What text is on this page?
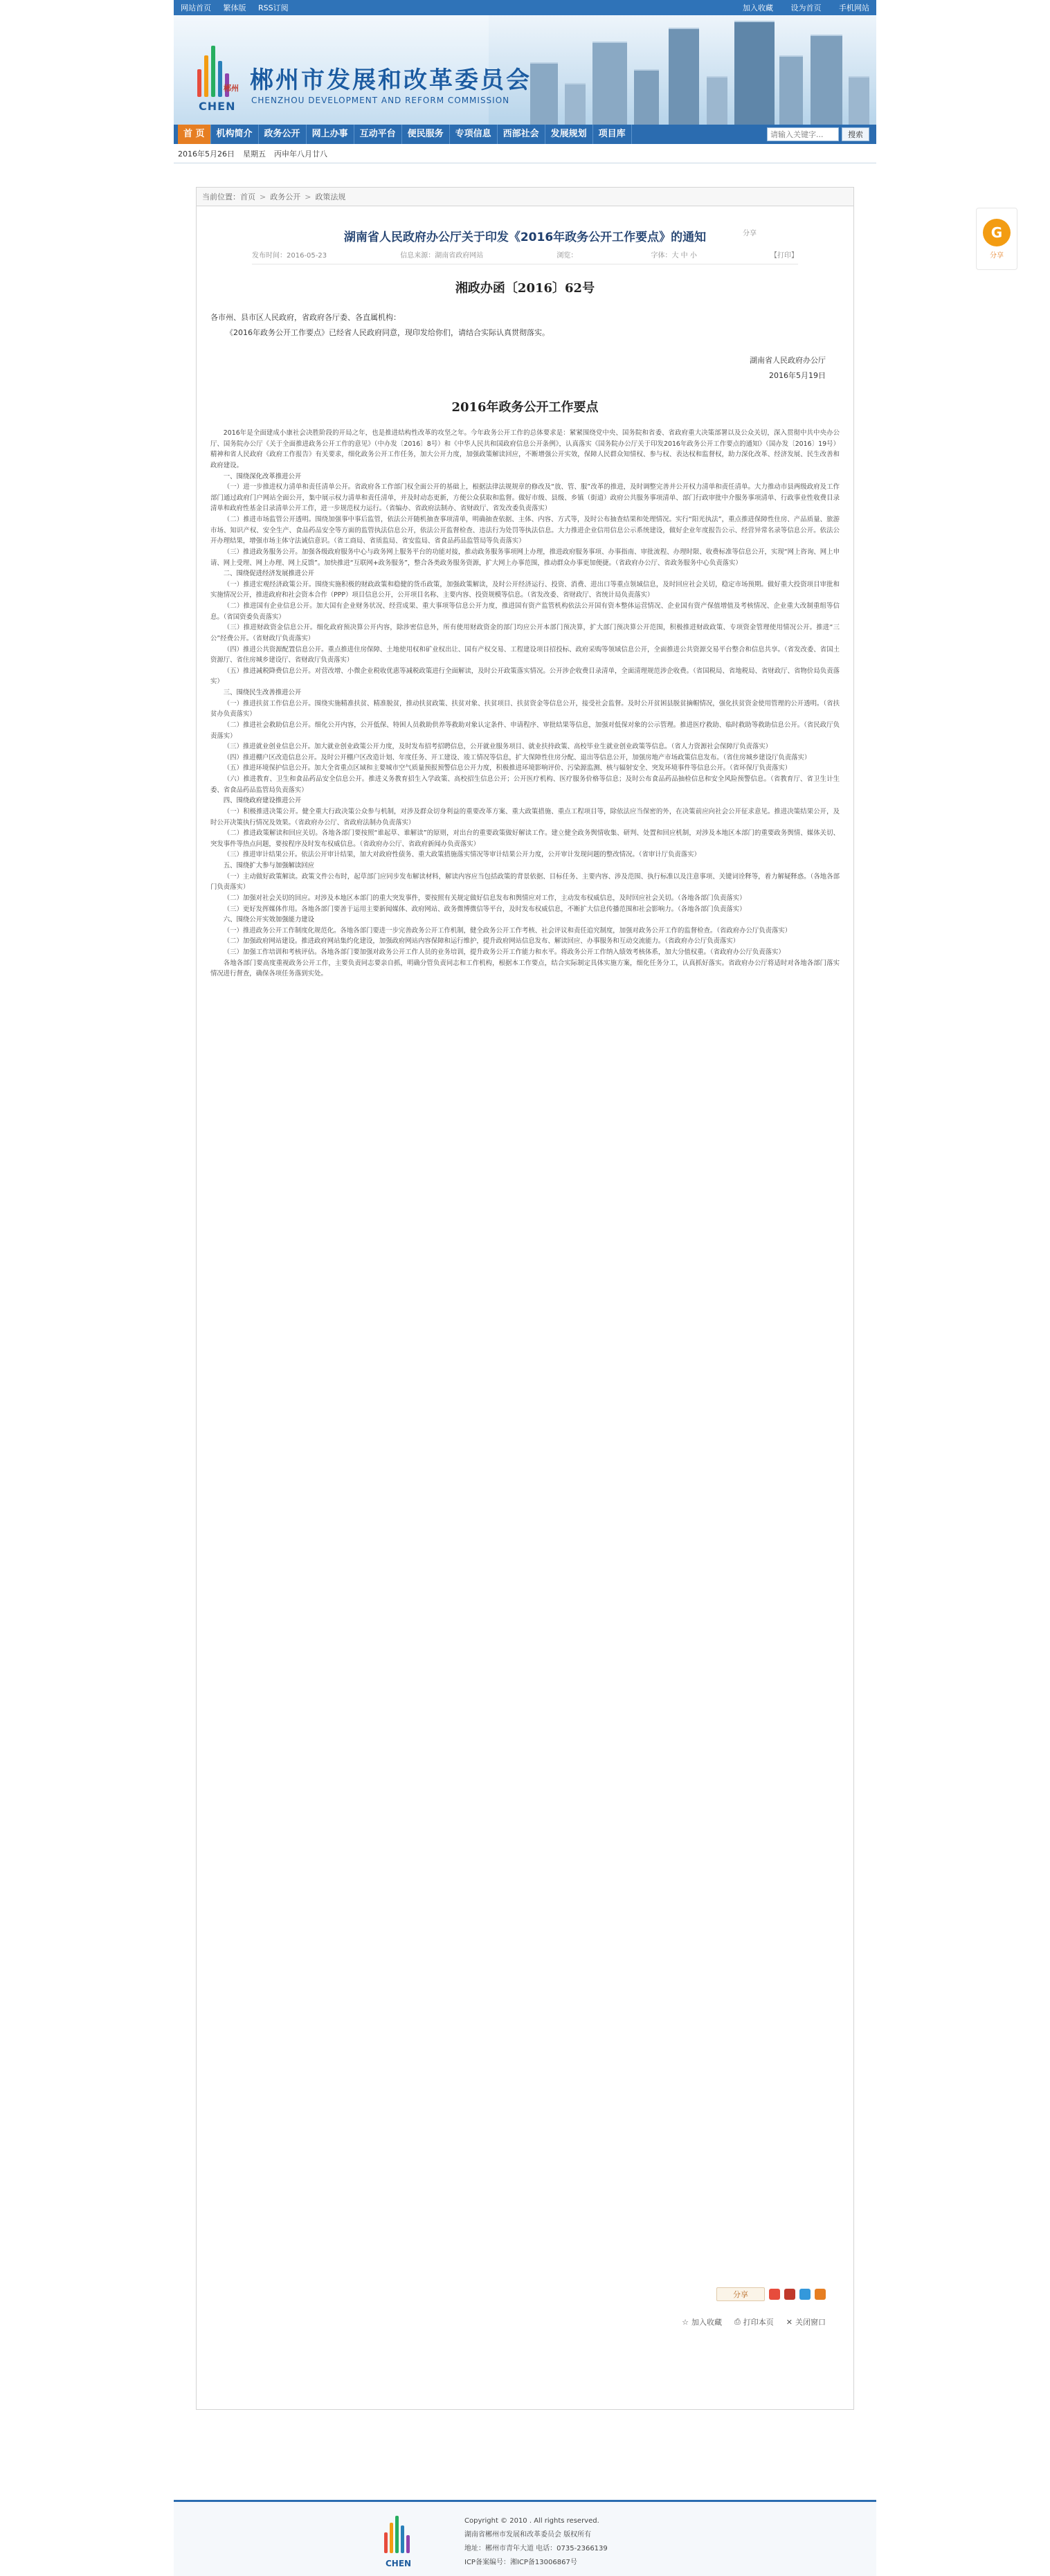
网站首页 繁体版 RSS订阅	加入收藏 设为首页 手机网站
郴州
CHEN
郴州市发展和改革委员会
CHENZHOU DEVELOPMENT AND REFORM COMMISSION
首 页	机构简介	政务公开	网上办事	互动平台	便民服务	专项信息	西部社会	发展规划	项目库
请输入关键字...	搜索
2016年5月26日 星期五 丙申年八月廿八
当前位置： 首页 > 政务公开 > 政策法规
湖南省人民政府办公厅关于印发《2016年政务公开工作要点》的通知	分享
发布时间：2016-05-23	信息来源：湖南省政府网站	浏览：	字体：大 中 小	【打印】
湘政办函〔2016〕62号
各市州、县市区人民政府，省政府各厅委、各直属机构：
《2016年政务公开工作要点》已经省人民政府同意，现印发给你们，请结合实际认真贯彻落实。
湖南省人民政府办公厅
2016年5月19日
2016年政务公开工作要点

2016年是全面建成小康社会决胜阶段的开局之年，也是推进结构性改革的攻坚之年。今年政务公开工作的总体要求是：紧紧围绕党中央、国务院和省委、省政府重大决策部署以及公众关切，深入贯彻中共中央办公厅、国务院办公厅《关于全面推进政务公开工作的意见》（中办发〔2016〕8号）和《中华人民共和国政府信息公开条例》，认真落实《国务院办公厅关于印发2016年政务公开工作要点的通知》（国办发〔2016〕19号）精神和省人民政府《政府工作报告》有关要求，细化政务公开工作任务，加大公开力度，加强政策解读回应，不断增强公开实效，保障人民群众知情权、参与权、表达权和监督权，助力深化改革、经济发展、民生改善和政府建设。

一、围绕深化改革推进公开

（一）进一步推进权力清单和责任清单公开。省政府各工作部门权全面公开的基础上，根据法律法规规章的修改及“放、管、服”改革的推进，及时调整完善并公开权力清单和责任清单。大力推动市县两级政府及工作部门通过政府门户网站全面公开，集中展示权力清单和责任清单，并及时动态更新，方便公众获取和监督。做好市级、县级、乡镇（街道）政府公共服务事项清单、部门行政审批中介服务事项清单、行政事业性收费目录清单和政府性基金目录清单公开工作，进一步规范权力运行。（省编办、省政府法制办、省财政厅、省发改委负责落实）

（二）推进市场监管公开透明。围绕加强事中事后监管，依法公开随机抽查事项清单，明确抽查依据、主体、内容、方式等，及时公布抽查结果和处理情况。实行“阳光执法”，重点推进保障性住房、产品质量、旅游市场、知识产权、安全生产、食品药品安全等方面的监管执法信息公开，依法公开监督检查、违法行为处罚等执法信息。大力推进企业信用信息公示系统建设，做好企业年度报告公示、经营异常名录等信息公开。依法公开办理结果，增强市场主体守法诚信意识。（省工商局、省质监局、省安监局、省食品药品监管局等负责落实）

（三）推进政务服务公开。加强各级政府服务中心与政务网上服务平台的功能对接，推动政务服务事项网上办理，推进政府服务事项、办事指南、审批流程、办理时限、收费标准等信息公开，实现“网上咨询、网上申请、网上受理、网上办理、网上反馈”。加快推进“互联网+政务服务”，整合各类政务服务资源，扩大网上办事范围，推动群众办事更加便捷。（省政府办公厅、省政务服务中心负责落实）

二、围绕促进经济发展推进公开

（一）推进宏观经济政策公开。围绕实施积极的财政政策和稳健的货币政策，加强政策解读，及时公开经济运行、投资、消费、进出口等重点领域信息，及时回应社会关切，稳定市场预期。做好重大投资项目审批和实施情况公开，推进政府和社会资本合作（PPP）项目信息公开，公开项目名称、主要内容、投资规模等信息。（省发改委、省财政厅、省统计局负责落实）

（二）推进国有企业信息公开。加大国有企业财务状况、经营成果、重大事项等信息公开力度，推进国有资产监管机构依法公开国有资本整体运营情况、企业国有资产保值增值及考核情况、企业重大改制重组等信息。（省国资委负责落实）

（三）推进财政资金信息公开。细化政府预决算公开内容，除涉密信息外，所有使用财政资金的部门均应公开本部门预决算，扩大部门预决算公开范围，积极推进财政政策、专项资金管理使用情况公开。推进“三公”经费公开。（省财政厅负责落实）

（四）推进公共资源配置信息公开。重点推进住房保障、土地使用权和矿业权出让、国有产权交易、工程建设项目招投标、政府采购等领域信息公开，全面推进公共资源交易平台整合和信息共享。（省发改委、省国土资源厅、省住房城乡建设厅、省财政厅负责落实）

（五）推进减税降费信息公开。对营改增、小微企业税收优惠等减税政策进行全面解读，及时公开政策落实情况。公开涉企收费目录清单，全面清理规范涉企收费。（省国税局、省地税局、省财政厅、省物价局负责落实）

三、围绕民生改善推进公开

（一）推进扶贫工作信息公开。围绕实施精准扶贫、精准脱贫，推动扶贫政策、扶贫对象、扶贫项目、扶贫资金等信息公开，接受社会监督。及时公开贫困县脱贫摘帽情况，强化扶贫资金使用管理的公开透明。（省扶贫办负责落实）

（二）推进社会救助信息公开。细化公开内容，公开低保、特困人员救助供养等救助对象认定条件、申请程序、审批结果等信息，加强对低保对象的公示管理。推进医疗救助、临时救助等救助信息公开。（省民政厅负责落实）

（三）推进就业创业信息公开。加大就业创业政策公开力度，及时发布招考招聘信息，公开就业服务项目、就业扶持政策、高校毕业生就业创业政策等信息。（省人力资源社会保障厅负责落实）

（四）推进棚户区改造信息公开。及时公开棚户区改造计划、年度任务、开工建设、竣工情况等信息，扩大保障性住房分配、退出等信息公开，加强房地产市场政策信息发布。（省住房城乡建设厅负责落实）

（五）推进环境保护信息公开。加大全省重点区域和主要城市空气质量预报预警信息公开力度，积极推进环境影响评价、污染源监测、核与辐射安全、突发环境事件等信息公开。（省环保厅负责落实）

（六）推进教育、卫生和食品药品安全信息公开。推进义务教育招生入学政策、高校招生信息公开；公开医疗机构、医疗服务价格等信息；及时公布食品药品抽检信息和安全风险预警信息。（省教育厅、省卫生计生委、省食品药品监管局负责落实）

四、围绕政府建设推进公开

（一）积极推进决策公开。健全重大行政决策公众参与机制，对涉及群众切身利益的重要改革方案、重大政策措施、重点工程项目等，除依法应当保密的外，在决策前应向社会公开征求意见。推进决策结果公开，及时公开决策执行情况及效果。（省政府办公厅、省政府法制办负责落实）

（二）推进政策解读和回应关切。各地各部门要按照“谁起草、谁解读”的原则，对出台的重要政策做好解读工作。建立健全政务舆情收集、研判、处置和回应机制，对涉及本地区本部门的重要政务舆情、媒体关切、突发事件等热点问题，要按程序及时发布权威信息。（省政府办公厅、省政府新闻办负责落实）

（三）推进审计结果公开。依法公开审计结果，加大对政府性债务、重大政策措施落实情况等审计结果公开力度，公开审计发现问题的整改情况。（省审计厅负责落实）

五、围绕扩大参与加强解读回应

（一）主动做好政策解读。政策文件公布时，起草部门应同步发布解读材料，解读内容应当包括政策的背景依据、目标任务、主要内容、涉及范围、执行标准以及注意事项、关键词诠释等，着力解疑释惑。（各地各部门负责落实）

（二）加强对社会关切的回应。对涉及本地区本部门的重大突发事件，要按照有关规定做好信息发布和舆情应对工作，主动发布权威信息，及时回应社会关切。（各地各部门负责落实）

（三）更好发挥媒体作用。各地各部门要善于运用主要新闻媒体、政府网站、政务微博微信等平台，及时发布权威信息，不断扩大信息传播范围和社会影响力。（各地各部门负责落实）

六、围绕公开实效加强能力建设

（一）推进政务公开工作制度化规范化。各地各部门要进一步完善政务公开工作机制，健全政务公开工作考核、社会评议和责任追究制度，加强对政务公开工作的监督检查。（省政府办公厅负责落实）

（二）加强政府网站建设。推进政府网站集约化建设，加强政府网站内容保障和运行维护，提升政府网站信息发布、解读回应、办事服务和互动交流能力。（省政府办公厅负责落实）

（三）加强工作培训和考核评估。各地各部门要加强对政务公开工作人员的业务培训，提升政务公开工作能力和水平。将政务公开工作纳入绩效考核体系，加大分值权重。（省政府办公厅负责落实）

各地各部门要高度重视政务公开工作，主要负责同志要亲自抓，明确分管负责同志和工作机构，根据本工作要点，结合实际制定具体实施方案，细化任务分工，认真抓好落实。省政府办公厅将适时对各地各部门落实情况进行督查，确保各项任务落到实处。

分享
☆ 加入收藏 ⎙ 打印本页 ✕ 关闭窗口
CHEN
Copyright © 2010 . All rights reserved.
湖南省郴州市发展和改革委员会 版权所有
地址：郴州市青年大道 电话：0735-2366139
ICP备案编号：湘ICP备13006867号
G
分享
